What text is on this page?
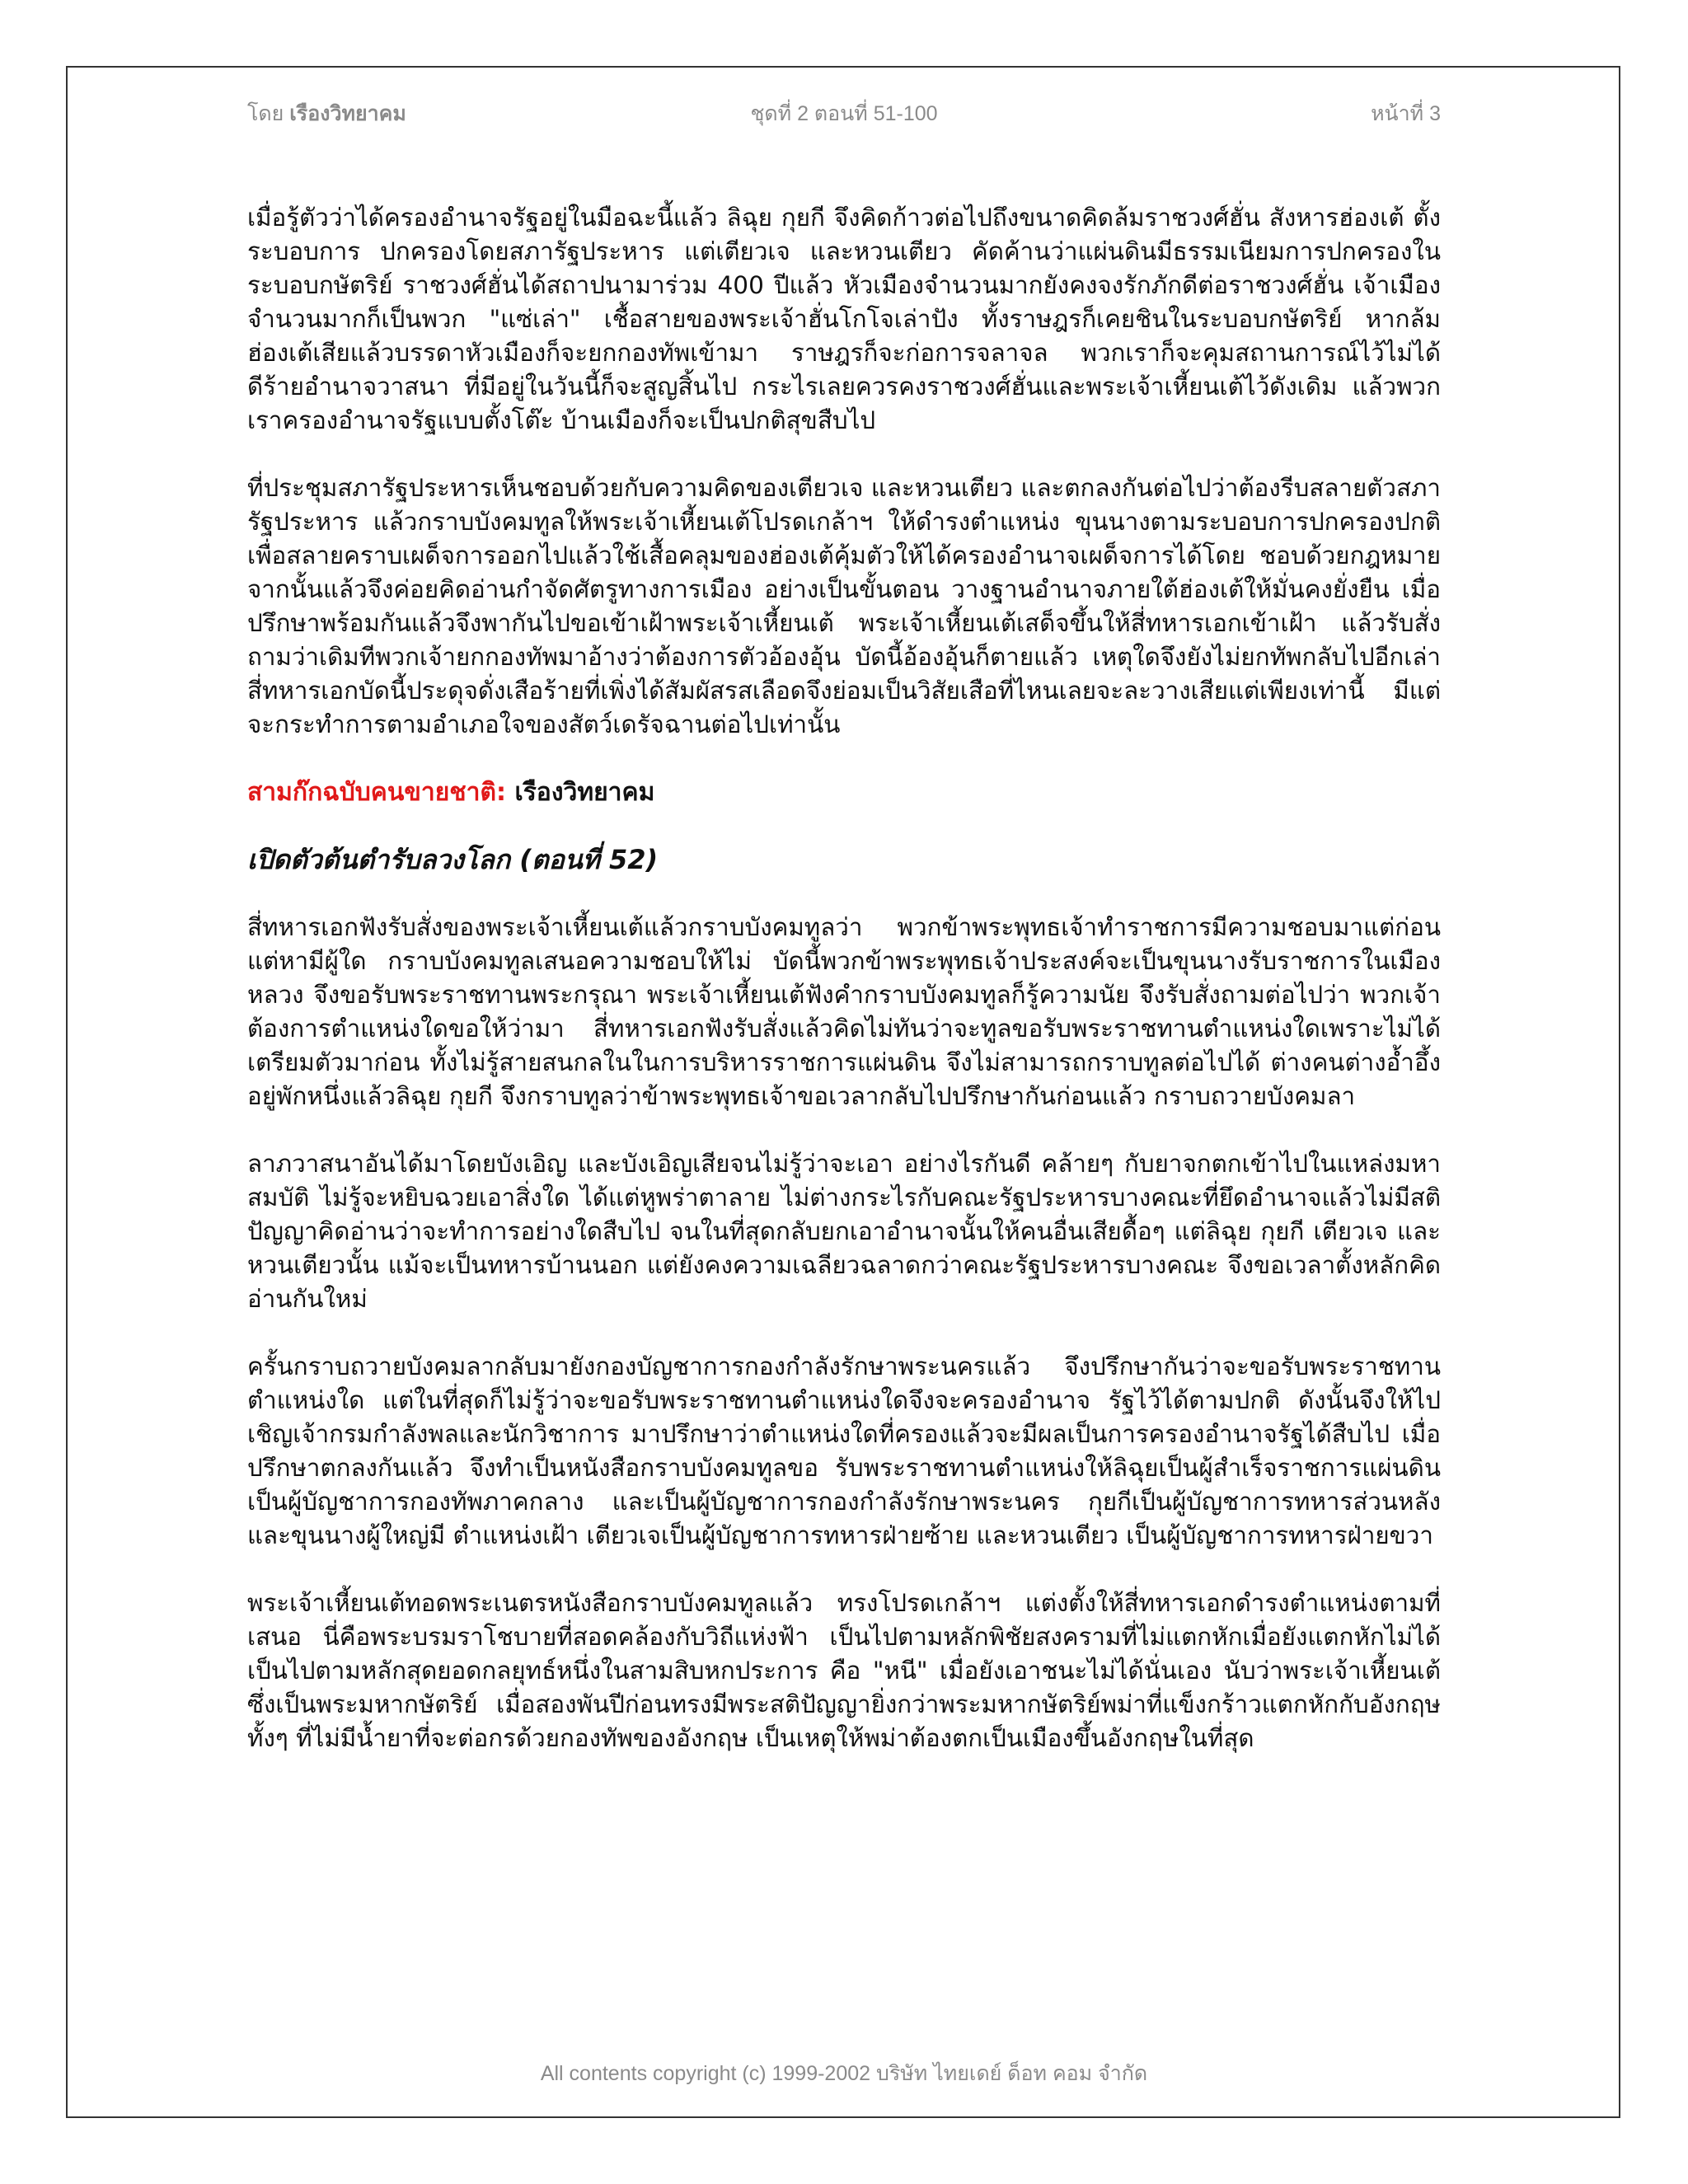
โดย เรืองวิทยาคม	ชุดที่ 2 ตอนที่ 51-100	หน้าที่ 3

เมื่อรู้ตัวว่าได้ครองอำนาจรัฐอยู่ในมือฉะนี้แล้ว ลิฉุย กุยกี จึงคิดก้าวต่อไปถึงขนาดคิดล้มราชวงศ์ฮั่น สังหารฮ่องเต้ ตั้งระบอบการ ปกครองโดยสภารัฐประหาร แต่เตียวเจ และหวนเตียว คัดค้านว่าแผ่นดินมีธรรมเนียมการปกครองในระบอบกษัตริย์ ราชวงศ์ฮั่นได้สถาปนามาร่วม 400 ปีแล้ว หัวเมืองจำนวนมากยังคงจงรักภักดีต่อราชวงศ์ฮั่น เจ้าเมืองจำนวนมากก็เป็นพวก "แซ่เล่า" เชื้อสายของพระเจ้าฮั่นโกโจเล่าปัง ทั้งราษฎรก็เคยชินในระบอบกษัตริย์ หากล้มฮ่องเต้เสียแล้วบรรดาหัวเมืองก็จะยกกองทัพเข้ามา ราษฎรก็จะก่อการจลาจล พวกเราก็จะคุมสถานการณ์ไว้ไม่ได้ ดีร้ายอำนาจวาสนา ที่มีอยู่ในวันนี้ก็จะสูญสิ้นไป กระไรเลยควรคงราชวงศ์ฮั่นและพระเจ้าเหี้ยนเต้ไว้ดังเดิม แล้วพวกเราครองอำนาจรัฐแบบตั้งโต๊ะ บ้านเมืองก็จะเป็นปกติสุขสืบไป

ที่ประชุมสภารัฐประหารเห็นชอบด้วยกับความคิดของเตียวเจ และหวนเตียว และตกลงกันต่อไปว่าต้องรีบสลายตัวสภารัฐประหาร แล้วกราบบังคมทูลให้พระเจ้าเหี้ยนเต้โปรดเกล้าฯ ให้ดำรงตำแหน่ง ขุนนางตามระบอบการปกครองปกติ เพื่อสลายคราบเผด็จการออกไปแล้วใช้เสื้อคลุมของฮ่องเต้คุ้มตัวให้ได้ครองอำนาจเผด็จการได้โดย ชอบด้วยกฎหมาย จากนั้นแล้วจึงค่อยคิดอ่านกำจัดศัตรูทางการเมือง อย่างเป็นขั้นตอน วางฐานอำนาจภายใต้ฮ่องเต้ให้มั่นคงยั่งยืน เมื่อปรึกษาพร้อมกันแล้วจึงพากันไปขอเข้าเฝ้าพระเจ้าเหี้ยนเต้ พระเจ้าเหี้ยนเต้เสด็จขึ้นให้สี่ทหารเอกเข้าเฝ้า แล้วรับสั่งถามว่าเดิมทีพวกเจ้ายกกองทัพมาอ้างว่าต้องการตัวอ้องอุ้น บัดนี้อ้องอุ้นก็ตายแล้ว เหตุใดจึงยังไม่ยกทัพกลับไปอีกเล่า สี่ทหารเอกบัดนี้ประดุจดั่งเสือร้ายที่เพิ่งได้สัมผัสรสเลือดจึงย่อมเป็นวิสัยเสือที่ไหนเลยจะละวางเสียแต่เพียงเท่านี้ มีแต่จะกระทำการตามอำเภอใจของสัตว์เดรัจฉานต่อไปเท่านั้น

สามก๊กฉบับคนขายชาติ: เรืองวิทยาคม
เปิดตัวต้นตำรับลวงโลก (ตอนที่ 52)

สี่ทหารเอกฟังรับสั่งของพระเจ้าเหี้ยนเต้แล้วกราบบังคมทูลว่า พวกข้าพระพุทธเจ้าทำราชการมีความชอบมาแต่ก่อน แต่หามีผู้ใด กราบบังคมทูลเสนอความชอบให้ไม่ บัดนี้พวกข้าพระพุทธเจ้าประสงค์จะเป็นขุนนางรับราชการในเมืองหลวง จึงขอรับพระราชทานพระกรุณา พระเจ้าเหี้ยนเต้ฟังคำกราบบังคมทูลก็รู้ความนัย จึงรับสั่งถามต่อไปว่า พวกเจ้าต้องการตำแหน่งใดขอให้ว่ามา สี่ทหารเอกฟังรับสั่งแล้วคิดไม่ทันว่าจะทูลขอรับพระราชทานตำแหน่งใดเพราะไม่ได้ เตรียมตัวมาก่อน ทั้งไม่รู้สายสนกลในในการบริหารราชการแผ่นดิน จึงไม่สามารถกราบทูลต่อไปได้ ต่างคนต่างอ้ำอึ้งอยู่พักหนึ่งแล้วลิฉุย กุยกี จึงกราบทูลว่าข้าพระพุทธเจ้าขอเวลากลับไปปรึกษากันก่อนแล้ว กราบถวายบังคมลา

ลาภวาสนาอันได้มาโดยบังเอิญ และบังเอิญเสียจนไม่รู้ว่าจะเอา อย่างไรกันดี คล้ายๆ กับยาจกตกเข้าไปในแหล่งมหาสมบัติ ไม่รู้จะหยิบฉวยเอาสิ่งใด ได้แต่หูพร่าตาลาย ไม่ต่างกระไรกับคณะรัฐประหารบางคณะที่ยึดอำนาจแล้วไม่มีสติปัญญาคิดอ่านว่าจะทำการอย่างใดสืบไป จนในที่สุดกลับยกเอาอำนาจนั้นให้คนอื่นเสียดื้อๆ แต่ลิฉุย กุยกี เตียวเจ และหวนเตียวนั้น แม้จะเป็นทหารบ้านนอก แต่ยังคงความเฉลียวฉลาดกว่าคณะรัฐประหารบางคณะ จึงขอเวลาตั้งหลักคิดอ่านกันใหม่

ครั้นกราบถวายบังคมลากลับมายังกองบัญชาการกองกำลังรักษาพระนครแล้ว จึงปรึกษากันว่าจะขอรับพระราชทานตำแหน่งใด แต่ในที่สุดก็ไม่รู้ว่าจะขอรับพระราชทานตำแหน่งใดจึงจะครองอำนาจ รัฐไว้ได้ตามปกติ ดังนั้นจึงให้ไปเชิญเจ้ากรมกำลังพลและนักวิชาการ มาปรึกษาว่าตำแหน่งใดที่ครองแล้วจะมีผลเป็นการครองอำนาจรัฐได้สืบไป เมื่อปรึกษาตกลงกันแล้ว จึงทำเป็นหนังสือกราบบังคมทูลขอ รับพระราชทานตำแหน่งให้ลิฉุยเป็นผู้สำเร็จราชการแผ่นดิน เป็นผู้บัญชาการกองทัพภาคกลาง และเป็นผู้บัญชาการกองกำลังรักษาพระนคร กุยกีเป็นผู้บัญชาการทหารส่วนหลัง และขุนนางผู้ใหญ่มี ตำแหน่งเฝ้า เตียวเจเป็นผู้บัญชาการทหารฝ่ายซ้าย และหวนเตียว เป็นผู้บัญชาการทหารฝ่ายขวา

พระเจ้าเหี้ยนเต้ทอดพระเนตรหนังสือกราบบังคมทูลแล้ว ทรงโปรดเกล้าฯ แต่งตั้งให้สี่ทหารเอกดำรงตำแหน่งตามที่เสนอ นี่คือพระบรมราโชบายที่สอดคล้องกับวิถีแห่งฟ้า เป็นไปตามหลักพิชัยสงครามที่ไม่แตกหักเมื่อยังแตกหักไม่ได้ เป็นไปตามหลักสุดยอดกลยุทธ์หนึ่งในสามสิบหกประการ คือ "หนี" เมื่อยังเอาชนะไม่ได้นั่นเอง นับว่าพระเจ้าเหี้ยนเต้ซึ่งเป็นพระมหากษัตริย์ เมื่อสองพันปีก่อนทรงมีพระสติปัญญายิ่งกว่าพระมหากษัตริย์พม่าที่แข็งกร้าวแตกหักกับอังกฤษ ทั้งๆ ที่ไม่มีน้ำยาที่จะต่อกรด้วยกองทัพของอังกฤษ เป็นเหตุให้พม่าต้องตกเป็นเมืองขึ้นอังกฤษในที่สุด

All contents copyright (c) 1999-2002 บริษัท ไทยเดย์ ด็อท คอม จำกัด
